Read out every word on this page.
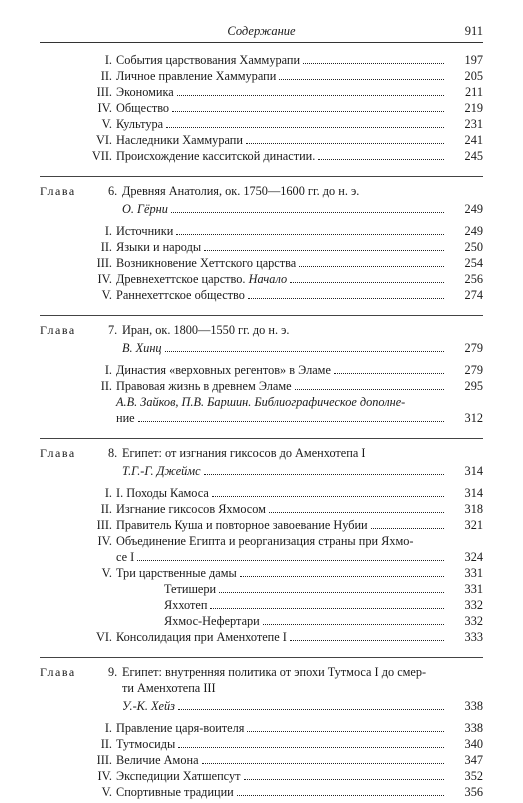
Содержание	911
I. События царствования Хаммурапи	197
II. Личное правление Хаммурапи	205
III. Экономика	211
IV. Общество	219
V. Культура	231
VI. Наследники Хаммурапи	241
VII. Происхождение касситской династии.	245
Глава	6. Древняя Анатолия, ок. 1750—1600 гг. до н. э.
О. Гёрни	249
I. Источники	249
II. Языки и народы	250
III. Возникновение Хеттского царства	254
IV. Древнехеттское царство. Начало	256
V. Раннехеттское общество	274
Глава	7. Иран, ок. 1800—1550 гг. до н. э.
В. Хинц	279
I. Династия «верховных регентов» в Эламе	279
II. Правовая жизнь в древнем Эламе	295
А.В. Зайков, П.В. Баршин. Библиографическое дополне-
ние	312
Глава	8. Египет: от изгнания гиксосов до Аменхотепа I
Т.Г.-Г. Джеймс	314
I. I. Походы Камоса	314
II. Изгнание гиксосов Яхмосом	318
III. Правитель Куша и повторное завоевание Нубии	321
IV. Объединение Египта и реорганизация страны при Яхмо-
се I	324
V. Три царственные дамы	331
Тетишери	331
Яххотеп	332
Яхмос-Нефертари	332
VI. Консолидация при Аменхотепе I	333
Глава	9. Египет: внутренняя политика от эпохи Тутмоса I до смер-
ти Аменхотепа III
У.-К. Хейз	338
I. Правление царя-воителя	338
II. Тутмосиды	340
III. Величие Амона	347
IV. Экспедиции Хатшепсут	352
V. Спортивные традиции	356
